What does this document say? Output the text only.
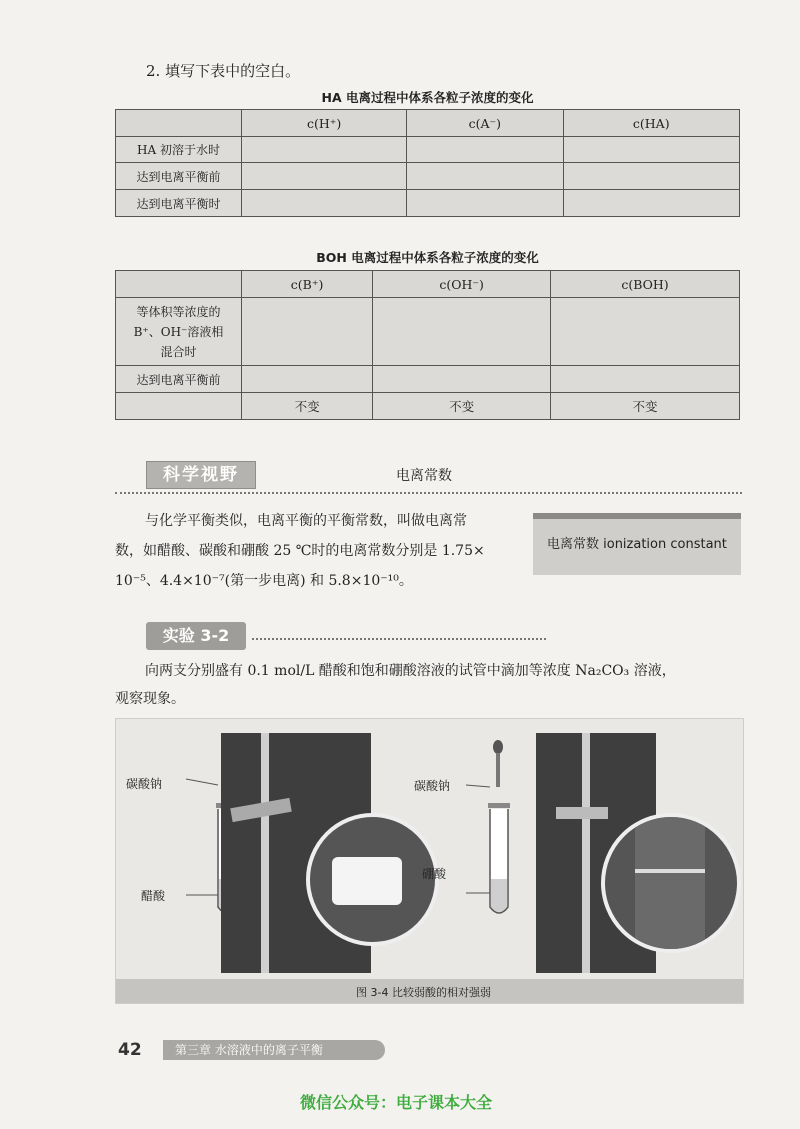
2. 填写下表中的空白。
HA 电离过程中体系各粒子浓度的变化
	c(H⁺)	c(A⁻)	c(HA)
HA 初溶于水时			
达到电离平衡前			
达到电离平衡时			
BOH 电离过程中体系各粒子浓度的变化
	c(B⁺)	c(OH⁻)	c(BOH)
等体积等浓度的 B⁺、OH⁻溶液相混合时			
达到电离平衡前			
	不变	不变	不变
科学视野	电离常数
与化学平衡类似，电离平衡的平衡常数，叫做电离常
数，如醋酸、碳酸和硼酸 25 ℃时的电离常数分别是 1.75×
10⁻⁵、4.4×10⁻⁷(第一步电离) 和 5.8×10⁻¹⁰。
电离常数 ionization constant
实验 3-2
向两支分别盛有 0.1 mol/L 醋酸和饱和硼酸溶液的试管中滴加等浓度 Na₂CO₃ 溶液，
观察现象。
碳酸钠
醋酸
碳酸钠
硼酸
图 3-4 比较弱酸的相对强弱
42	第三章 水溶液中的离子平衡
微信公众号：电子课本大全
